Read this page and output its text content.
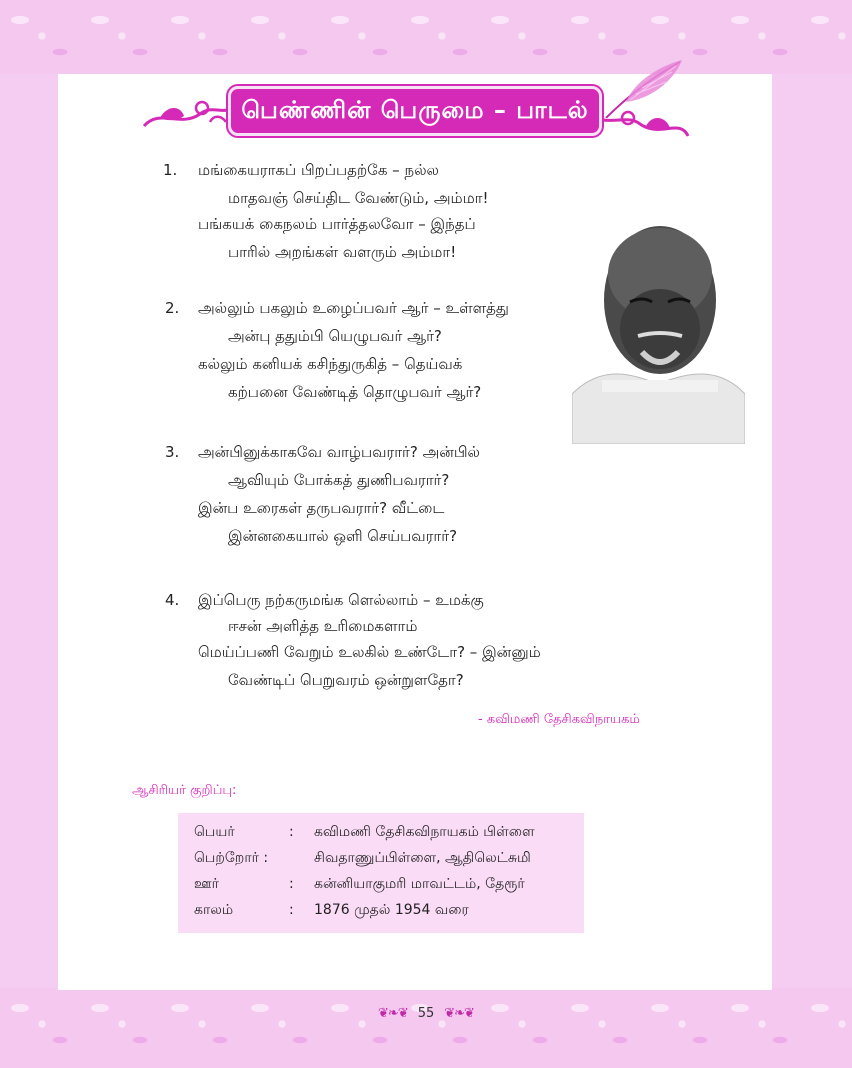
பெண்ணின் பெருமை – பாடல்
1. மங்கையராகப் பிறப்பதற்கே – நல்ல
மாதவஞ் செய்திட வேண்டும், அம்மா!
பங்கயக் கைநலம் பார்த்தலவோ – இந்தப்
பாரில் அறங்கள் வளரும் அம்மா!
2. அல்லும் பகலும் உழைப்பவர் ஆர் – உள்ளத்து
அன்பு ததும்பி யெழுபவர் ஆர்?
கல்லும் கனியக் கசிந்துருகித் – தெய்வக்
கற்பனை வேண்டித் தொழுபவர் ஆர்?
3. அன்பினுக்காகவே வாழ்பவரார்? அன்பில்
ஆவியும் போக்கத் துணிபவரார்?
இன்ப உரைகள் தருபவரார்? வீட்டை
இன்னகையால் ஒளி செய்பவரார்?
4. இப்பெரு நற்கருமங்க ளெல்லாம் – உமக்கு
ஈசன் அளித்த உரிமைகளாம்
மெய்ப்பணி வேறும் உலகில் உண்டோ? – இன்னும்
வேண்டிப் பெறுவரம் ஒன்றுளதோ?
- கவிமணி தேசிகவிநாயகம்
ஆசிரியர் குறிப்பு:
பெயர்	: கவிமணி தேசிகவிநாயகம் பிள்ளை
பெற்றோர் :	சிவதாணுப்பிள்ளை, ஆதிலெட்சுமி
ஊர்	: கன்னியாகுமரி மாவட்டம், தேரூர்
காலம்	: 1876 முதல் 1954 வரை
❦❧❦ 55 ❦❧❦
